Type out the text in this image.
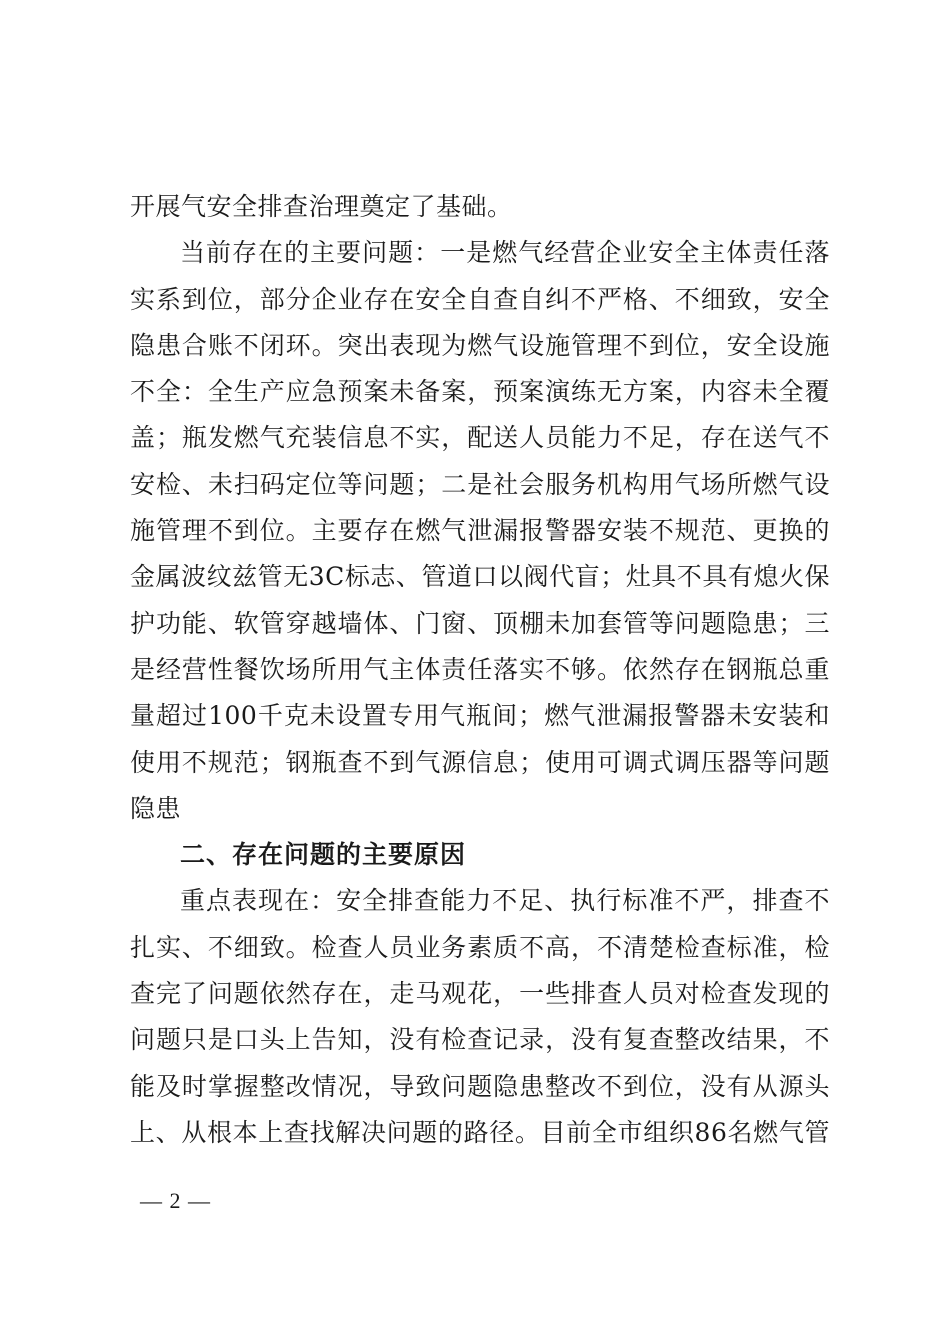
开展气安全排查治理奠定了基础。
当前存在的主要问题：一是燃气经营企业安全主体责任落
实系到位，部分企业存在安全自查自纠不严格、不细致，安全
隐患合账不闭环。突出表现为燃气设施管理不到位，安全设施
不全：全生产应急预案未备案，预案演练无方案，内容未全覆
盖；瓶发燃气充装信息不实，配送人员能力不足，存在送气不
安检、未扫码定位等问题；二是社会服务机构用气场所燃气设
施管理不到位。主要存在燃气泄漏报警器安装不规范、更换的
金属波纹兹管无3C标志、管道口以阀代盲；灶具不具有熄火保
护功能、软管穿越墙体、门窗、顶棚未加套管等问题隐患；三
是经营性餐饮场所用气主体责任落实不够。依然存在钢瓶总重
量超过100千克未设置专用气瓶间；燃气泄漏报警器未安装和
使用不规范；钢瓶查不到气源信息；使用可调式调压器等问题
隐患
二、存在问题的主要原因
重点表现在：安全排查能力不足、执行标准不严，排查不
扎实、不细致。检查人员业务素质不高，不清楚检查标准，检
查完了问题依然存在，走马观花，一些排查人员对检查发现的
问题只是口头上告知，没有检查记录，没有复查整改结果，不
能及时掌握整改情况，导致问题隐患整改不到位，没有从源头
上、从根本上查找解决问题的路径。目前全市组织86名燃气管
— 2 —
